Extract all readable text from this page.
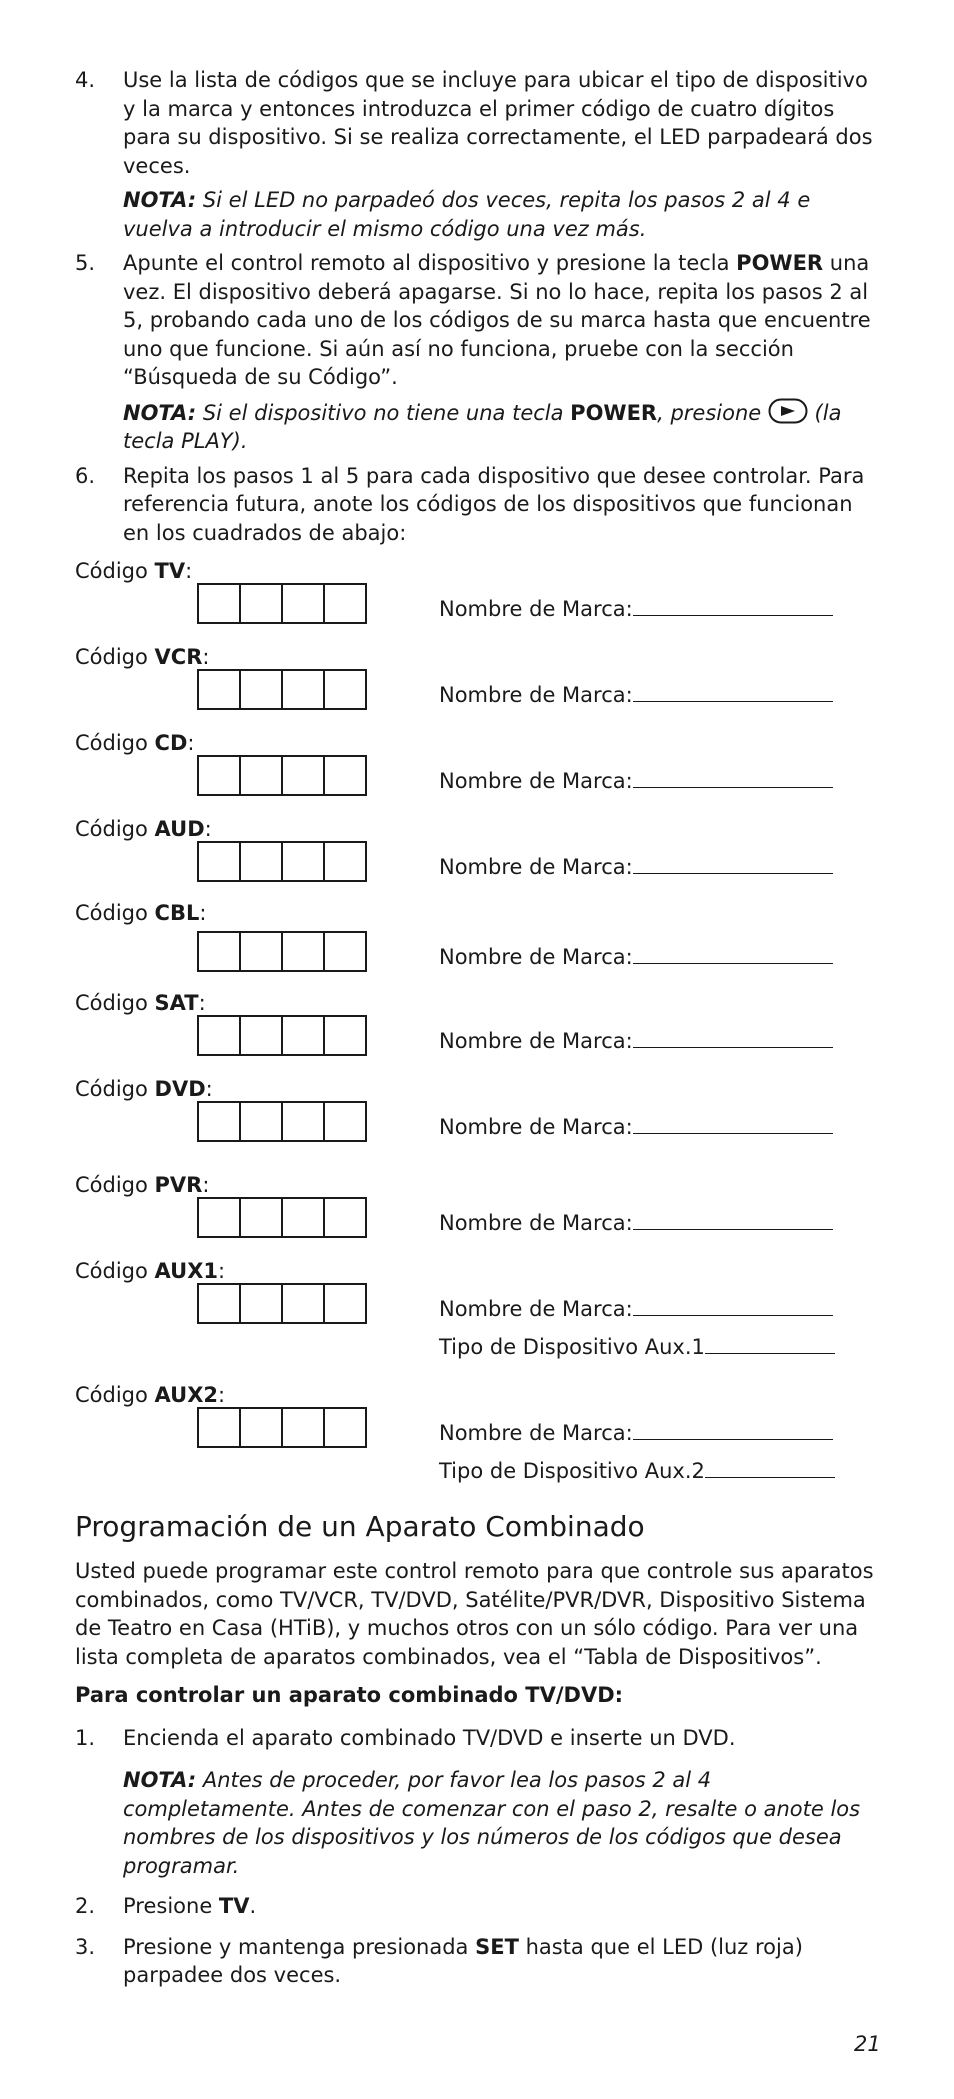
4.	Use la lista de códigos que se incluye para ubicar el tipo de dispositivo y la marca y entonces introduzca el primer código de cuatro dígitos para su dispositivo. Si se realiza correctamente, el LED parpadeará dos veces.

NOTA: Si el LED no parpadeó dos veces, repita los pasos 2 al 4 e vuelva a introducir el mismo código una vez más.

5.	Apunte el control remoto al dispositivo y presione la tecla POWER una vez. El dispositivo deberá apagarse. Si no lo hace, repita los pasos 2 al 5, probando cada uno de los códigos de su marca hasta que encuentre uno que funcione. Si aún así no funciona, pruebe con la sección “Búsqueda de su Código”.

NOTA: Si el dispositivo no tiene una tecla POWER, presione  (la tecla PLAY).

6.	Repita los pasos 1 al 5 para cada dispositivo que desee controlar. Para referencia futura, anote los códigos de los dispositivos que funcionan en los cuadrados de abajo:

Código TV:
Nombre de Marca:
Código VCR:
Nombre de Marca:
Código CD:
Nombre de Marca:
Código AUD:
Nombre de Marca:
Código CBL:
Nombre de Marca:
Código SAT:
Nombre de Marca:
Código DVD:
Nombre de Marca:
Código PVR:
Nombre de Marca:
Código AUX1:
Nombre de Marca:
Tipo de Dispositivo Aux.1
Código AUX2:
Nombre de Marca:
Tipo de Dispositivo Aux.2
Programación de un Aparato Combinado

Usted puede programar este control remoto para que controle sus aparatos combinados, como TV/VCR, TV/DVD, Satélite/PVR/DVR, Dispositivo Sistema de Teatro en Casa (HTiB), y muchos otros con un sólo código. Para ver una lista completa de aparatos combinados, vea el “Tabla de Dispositivos”.

Para controlar un aparato combinado TV/DVD:

1.	Encienda el aparato combinado TV/DVD e inserte un DVD.

NOTA: Antes de proceder, por favor lea los pasos 2 al 4 completamente. Antes de comenzar con el paso 2, resalte o anote los nombres de los dispositivos y los números de los códigos que desea programar.

2.	Presione TV.

3.	Presione y mantenga presionada SET hasta que el LED (luz roja) parpadee dos veces.

21
